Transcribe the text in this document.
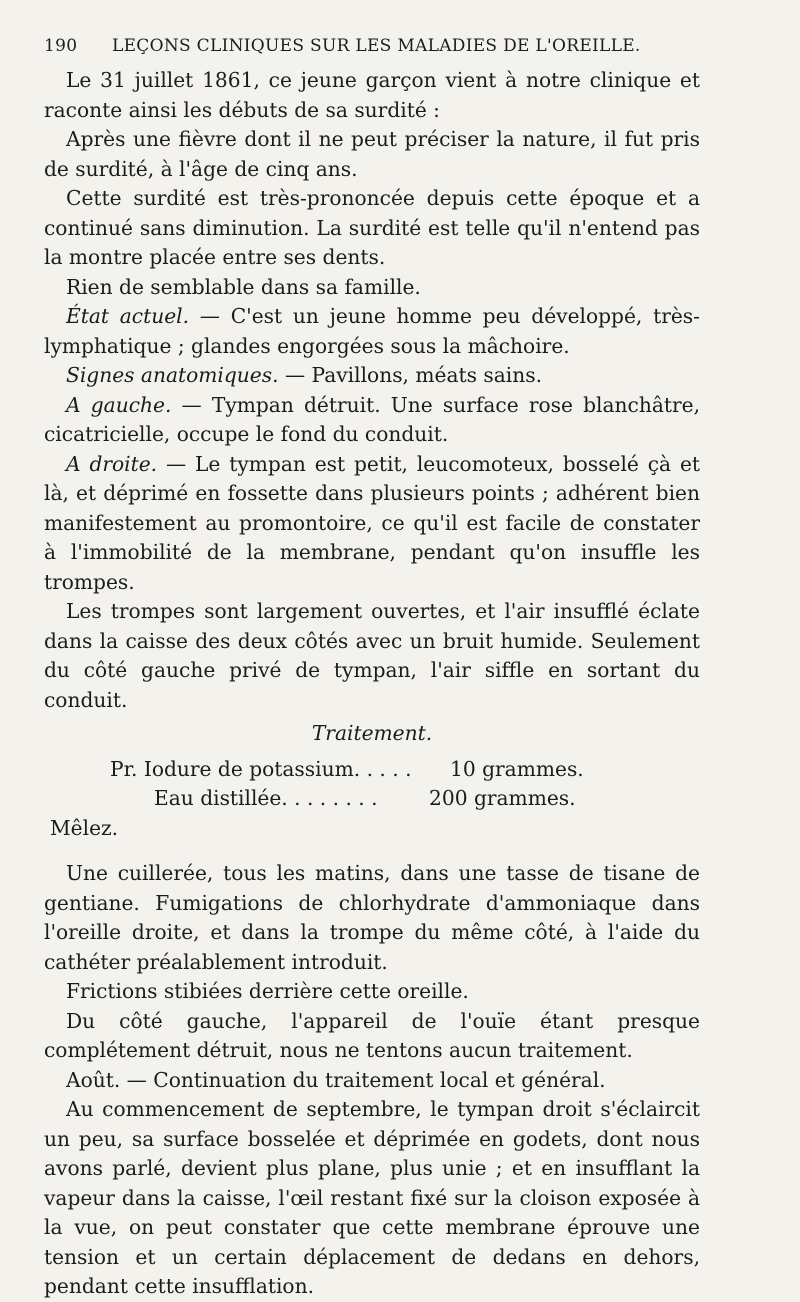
190	LEÇONS CLINIQUES SUR LES MALADIES DE L'OREILLE.

Le 31 juillet 1861, ce jeune garçon vient à notre clinique et raconte ainsi les débuts de sa surdité :

Après une fièvre dont il ne peut préciser la nature, il fut pris de surdité, à l'âge de cinq ans.

Cette surdité est très-prononcée depuis cette époque et a continué sans diminution. La surdité est telle qu'il n'entend pas la montre placée entre ses dents.

Rien de semblable dans sa famille.

État actuel. — C'est un jeune homme peu développé, très-lymphatique ; glandes engorgées sous la mâchoire.

Signes anatomiques. — Pavillons, méats sains.

A gauche. — Tympan détruit. Une surface rose blanchâtre, cicatricielle, occupe le fond du conduit.

A droite. — Le tympan est petit, leucomoteux, bosselé çà et là, et déprimé en fossette dans plusieurs points ; adhérent bien manifestement au promontoire, ce qu'il est facile de constater à l'immobilité de la membrane, pendant qu'on insuffle les trompes.

Les trompes sont largement ouvertes, et l'air insufflé éclate dans la caisse des deux côtés avec un bruit humide. Seulement du côté gauche privé de tympan, l'air siffle en sortant du conduit.

Traitement.

Pr. Iodure de potassium. . . . .	10 grammes.
Eau distillée. . . . . . . .	200 grammes.

Mêlez.

Une cuillerée, tous les matins, dans une tasse de tisane de gentiane. Fumigations de chlorhydrate d'ammoniaque dans l'oreille droite, et dans la trompe du même côté, à l'aide du cathéter préalablement introduit.

Frictions stibiées derrière cette oreille.

Du côté gauche, l'appareil de l'ouïe étant presque complétement détruit, nous ne tentons aucun traitement.

Août. — Continuation du traitement local et général.

Au commencement de septembre, le tympan droit s'éclaircit un peu, sa surface bosselée et déprimée en godets, dont nous avons parlé, devient plus plane, plus unie ; et en insufflant la vapeur dans la caisse, l'œil restant fixé sur la cloison exposée à la vue, on peut constater que cette membrane éprouve une tension et un certain déplacement de dedans en dehors, pendant cette insufflation.
